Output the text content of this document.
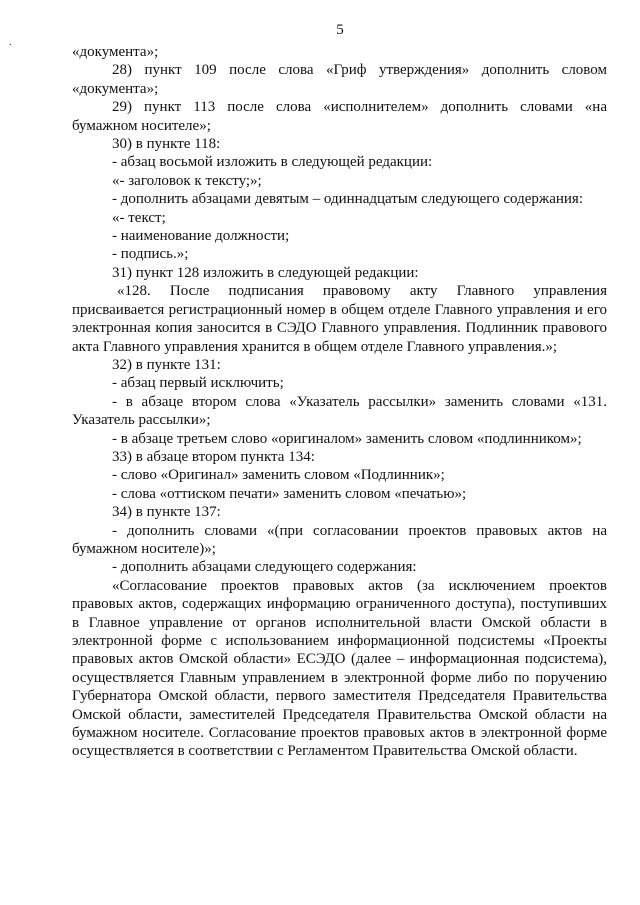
5
.

«документа»;

28) пункт 109 после слова «Гриф утверждения» дополнить словом «документа»;

29) пункт 113 после слова «исполнителем» дополнить словами «на бумажном носителе»;

30) в пункте 118:

- абзац восьмой изложить в следующей редакции:

«- заголовок к тексту;»;

- дополнить абзацами девятым – одиннадцатым следующего содержания:

«- текст;

- наименование должности;

- подпись.»;

31) пункт 128 изложить в следующей редакции:

«128. После подписания правовому акту Главного управления присваивается регистрационный номер в общем отделе Главного управления и его электронная копия заносится в СЭДО Главного управления. Подлинник правового акта Главного управления хранится в общем отделе Главного управления.»;

32) в пункте 131:

- абзац первый исключить;

- в абзаце втором слова «Указатель рассылки» заменить словами «131. Указатель рассылки»;

- в абзаце третьем слово «оригиналом» заменить словом «подлинником»;

33) в абзаце втором пункта 134:

- слово «Оригинал» заменить словом «Подлинник»;

- слова «оттиском печати» заменить словом «печатью»;

34) в пункте 137:

- дополнить словами «(при согласовании проектов правовых актов на бумажном носителе)»;

- дополнить абзацами следующего содержания:

«Согласование проектов правовых актов (за исключением проектов правовых актов, содержащих информацию ограниченного доступа), поступивших в Главное управление от органов исполнительной власти Омской области в электронной форме с использованием информационной подсистемы «Проекты правовых актов Омской области» ЕСЭДО (далее – информационная подсистема), осуществляется Главным управлением в электронной форме либо по поручению Губернатора Омской области, первого заместителя Председателя Правительства Омской области, заместителей Председателя Правительства Омской области на бумажном носителе. Согласование проектов правовых актов в электронной форме осуществляется в соответствии с Регламентом Правительства Омской области.
